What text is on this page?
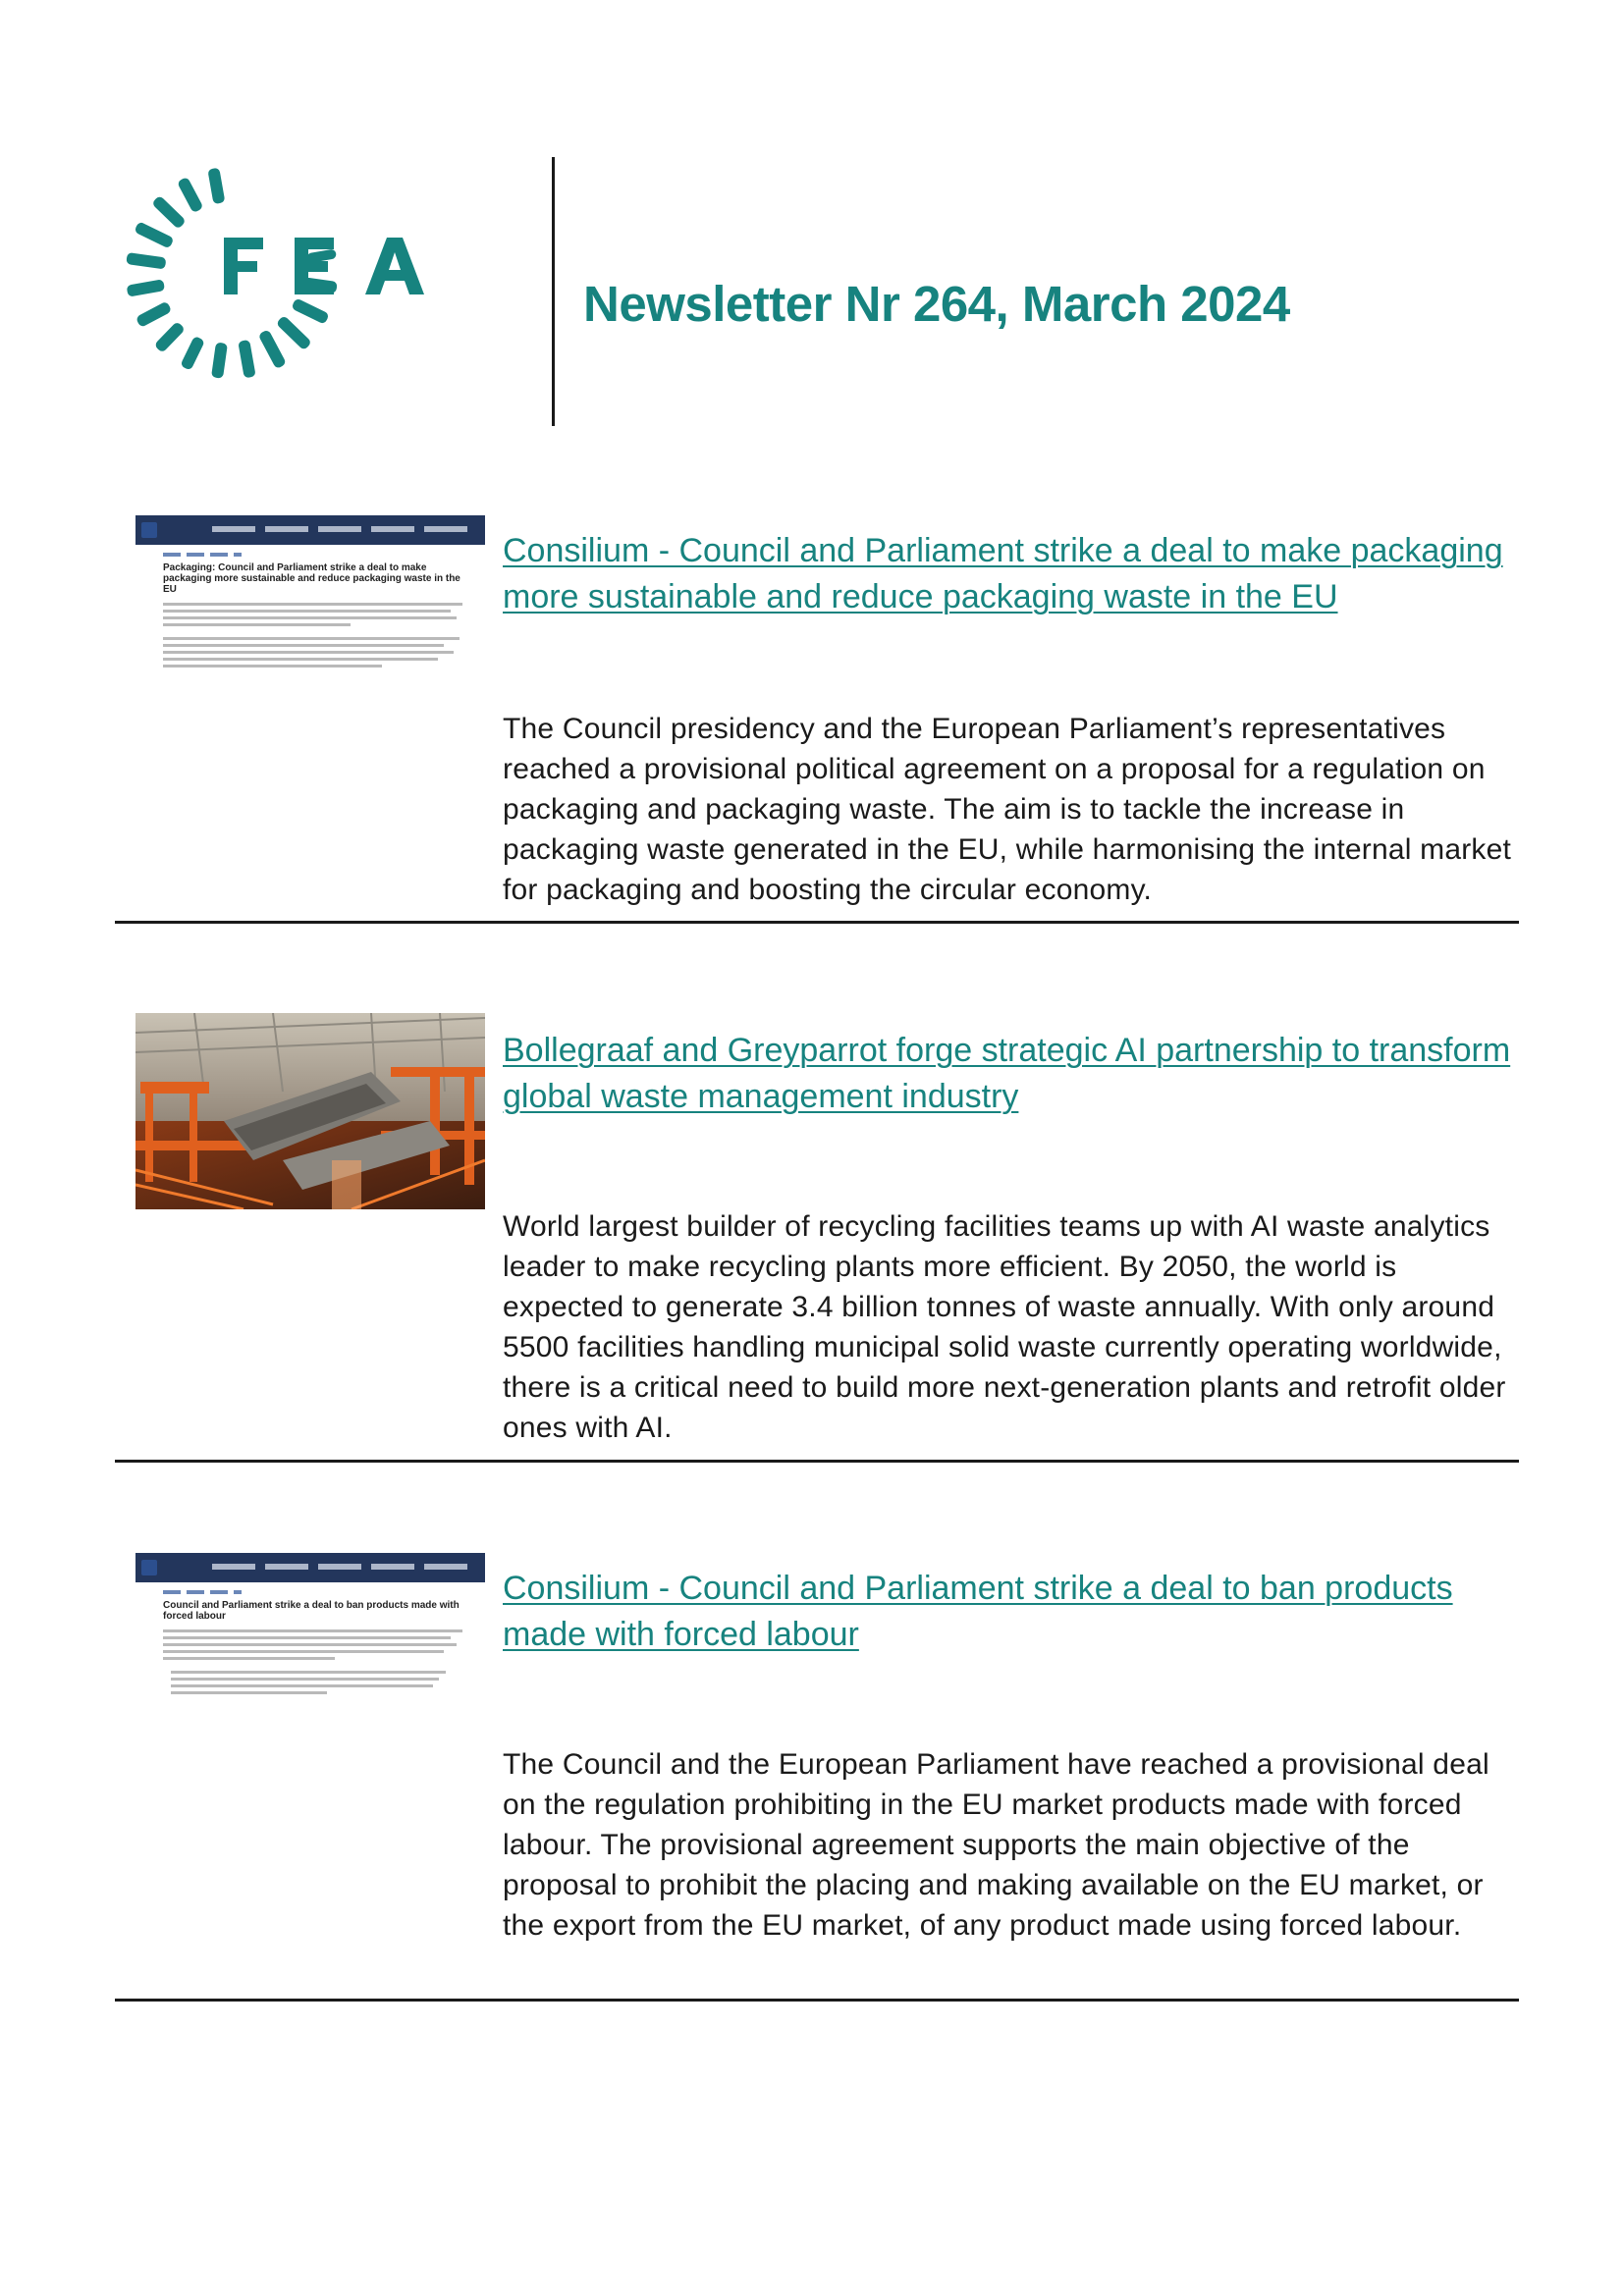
Newsletter Nr 264, March 2024
Packaging: Council and Parliament strike a deal to make packaging more sustainable and reduce packaging waste in the EU
Consilium - Council and Parliament strike a deal to make packaging more sustainable and reduce packaging waste in the EU

The Council presidency and the European Parliament’s representatives reached a provisional political agreement on a proposal for a regulation on packaging and packaging waste. The aim is to tackle the increase in packaging waste generated in the EU, while harmonising the internal market for packaging and boosting the circular economy.

Bollegraaf and Greyparrot forge strategic AI partnership to transform global waste management industry

World largest builder of recycling facilities teams up with AI waste analytics leader to make recycling plants more efficient. By 2050, the world is expected to generate 3.4 billion tonnes of waste annually. With only around 5500 facilities handling municipal solid waste currently operating worldwide, there is a critical need to build more next-generation plants and retrofit older ones with AI.

Council and Parliament strike a deal to ban products made with forced labour
Consilium - Council and Parliament strike a deal to ban products made with forced labour

The Council and the European Parliament have reached a provisional deal on the regulation prohibiting in the EU market products made with forced labour. The provisional agreement supports the main objective of the proposal to prohibit the placing and making available on the EU market, or the export from the EU market, of any product made using forced labour.
